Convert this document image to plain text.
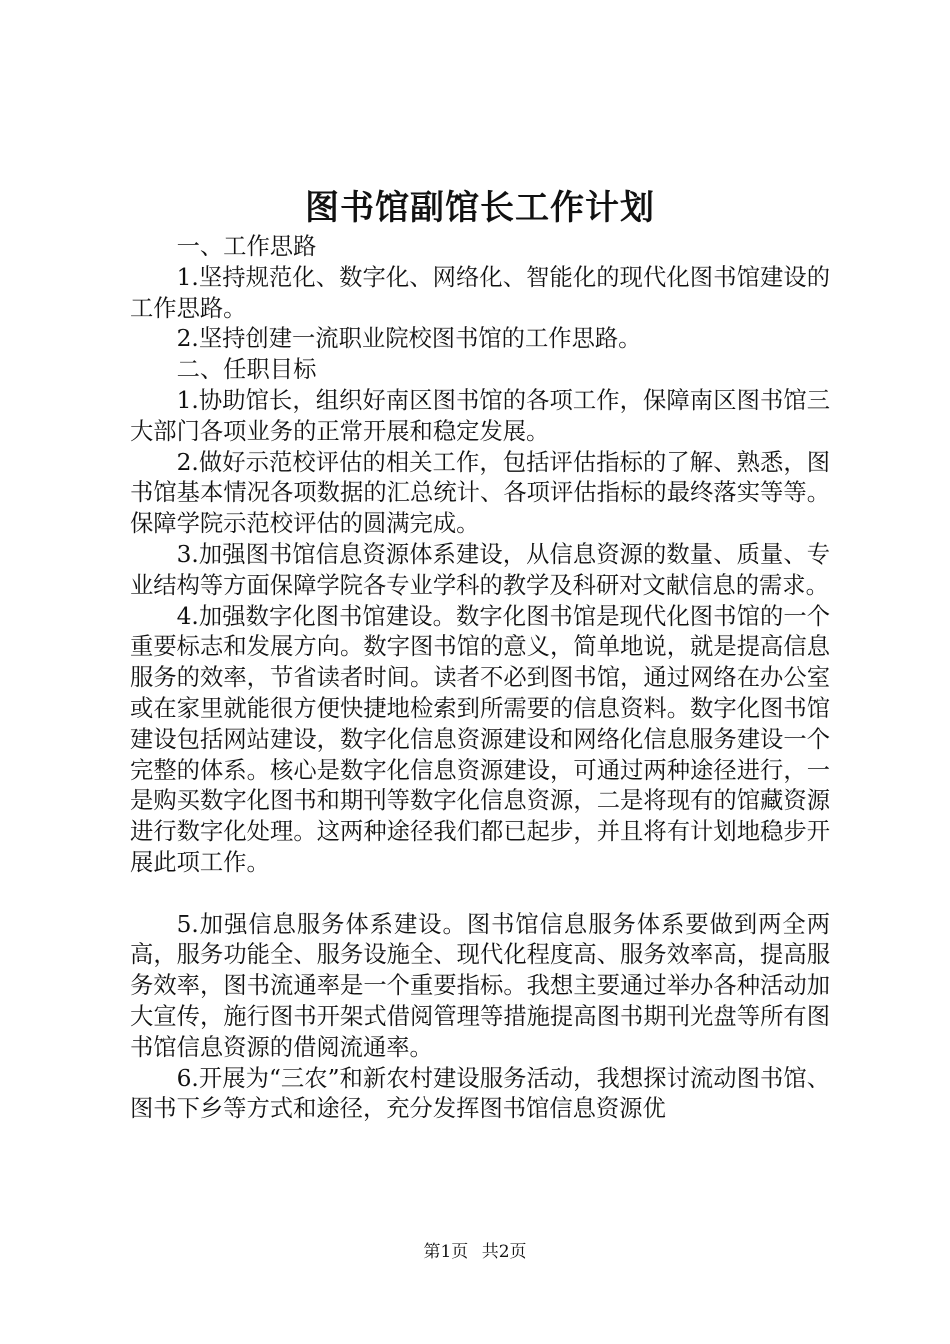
图书馆副馆长工作计划

一、工作思路

1.坚持规范化、数字化、网络化、智能化的现代化图书馆建设的工作思路。

2.坚持创建一流职业院校图书馆的工作思路。

二、任职目标

1.协助馆长，组织好南区图书馆的各项工作，保障南区图书馆三大部门各项业务的正常开展和稳定发展。

2.做好示范校评估的相关工作，包括评估指标的了解、熟悉，图书馆基本情况各项数据的汇总统计、各项评估指标的最终落实等等。保障学院示范校评估的圆满完成。

3.加强图书馆信息资源体系建设，从信息资源的数量、质量、专业结构等方面保障学院各专业学科的教学及科研对文献信息的需求。

4.加强数字化图书馆建设。数字化图书馆是现代化图书馆的一个重要标志和发展方向。数字图书馆的意义，简单地说，就是提高信息服务的效率，节省读者时间。读者不必到图书馆，通过网络在办公室或在家里就能很方便快捷地检索到所需要的信息资料。数字化图书馆建设包括网站建设，数字化信息资源建设和网络化信息服务建设一个完整的体系。核心是数字化信息资源建设，可通过两种途径进行，一是购买数字化图书和期刊等数字化信息资源，二是将现有的馆藏资源进行数字化处理。这两种途径我们都已起步，并且将有计划地稳步开展此项工作。

5.加强信息服务体系建设。图书馆信息服务体系要做到两全两高，服务功能全、服务设施全、现代化程度高、服务效率高，提高服务效率，图书流通率是一个重要指标。我想主要通过举办各种活动加大宣传，施行图书开架式借阅管理等措施提高图书期刊光盘等所有图书馆信息资源的借阅流通率。

6.开展为“三农”和新农村建设服务活动，我想探讨流动图书馆、图书下乡等方式和途径，充分发挥图书馆信息资源优

第1页 共2页
